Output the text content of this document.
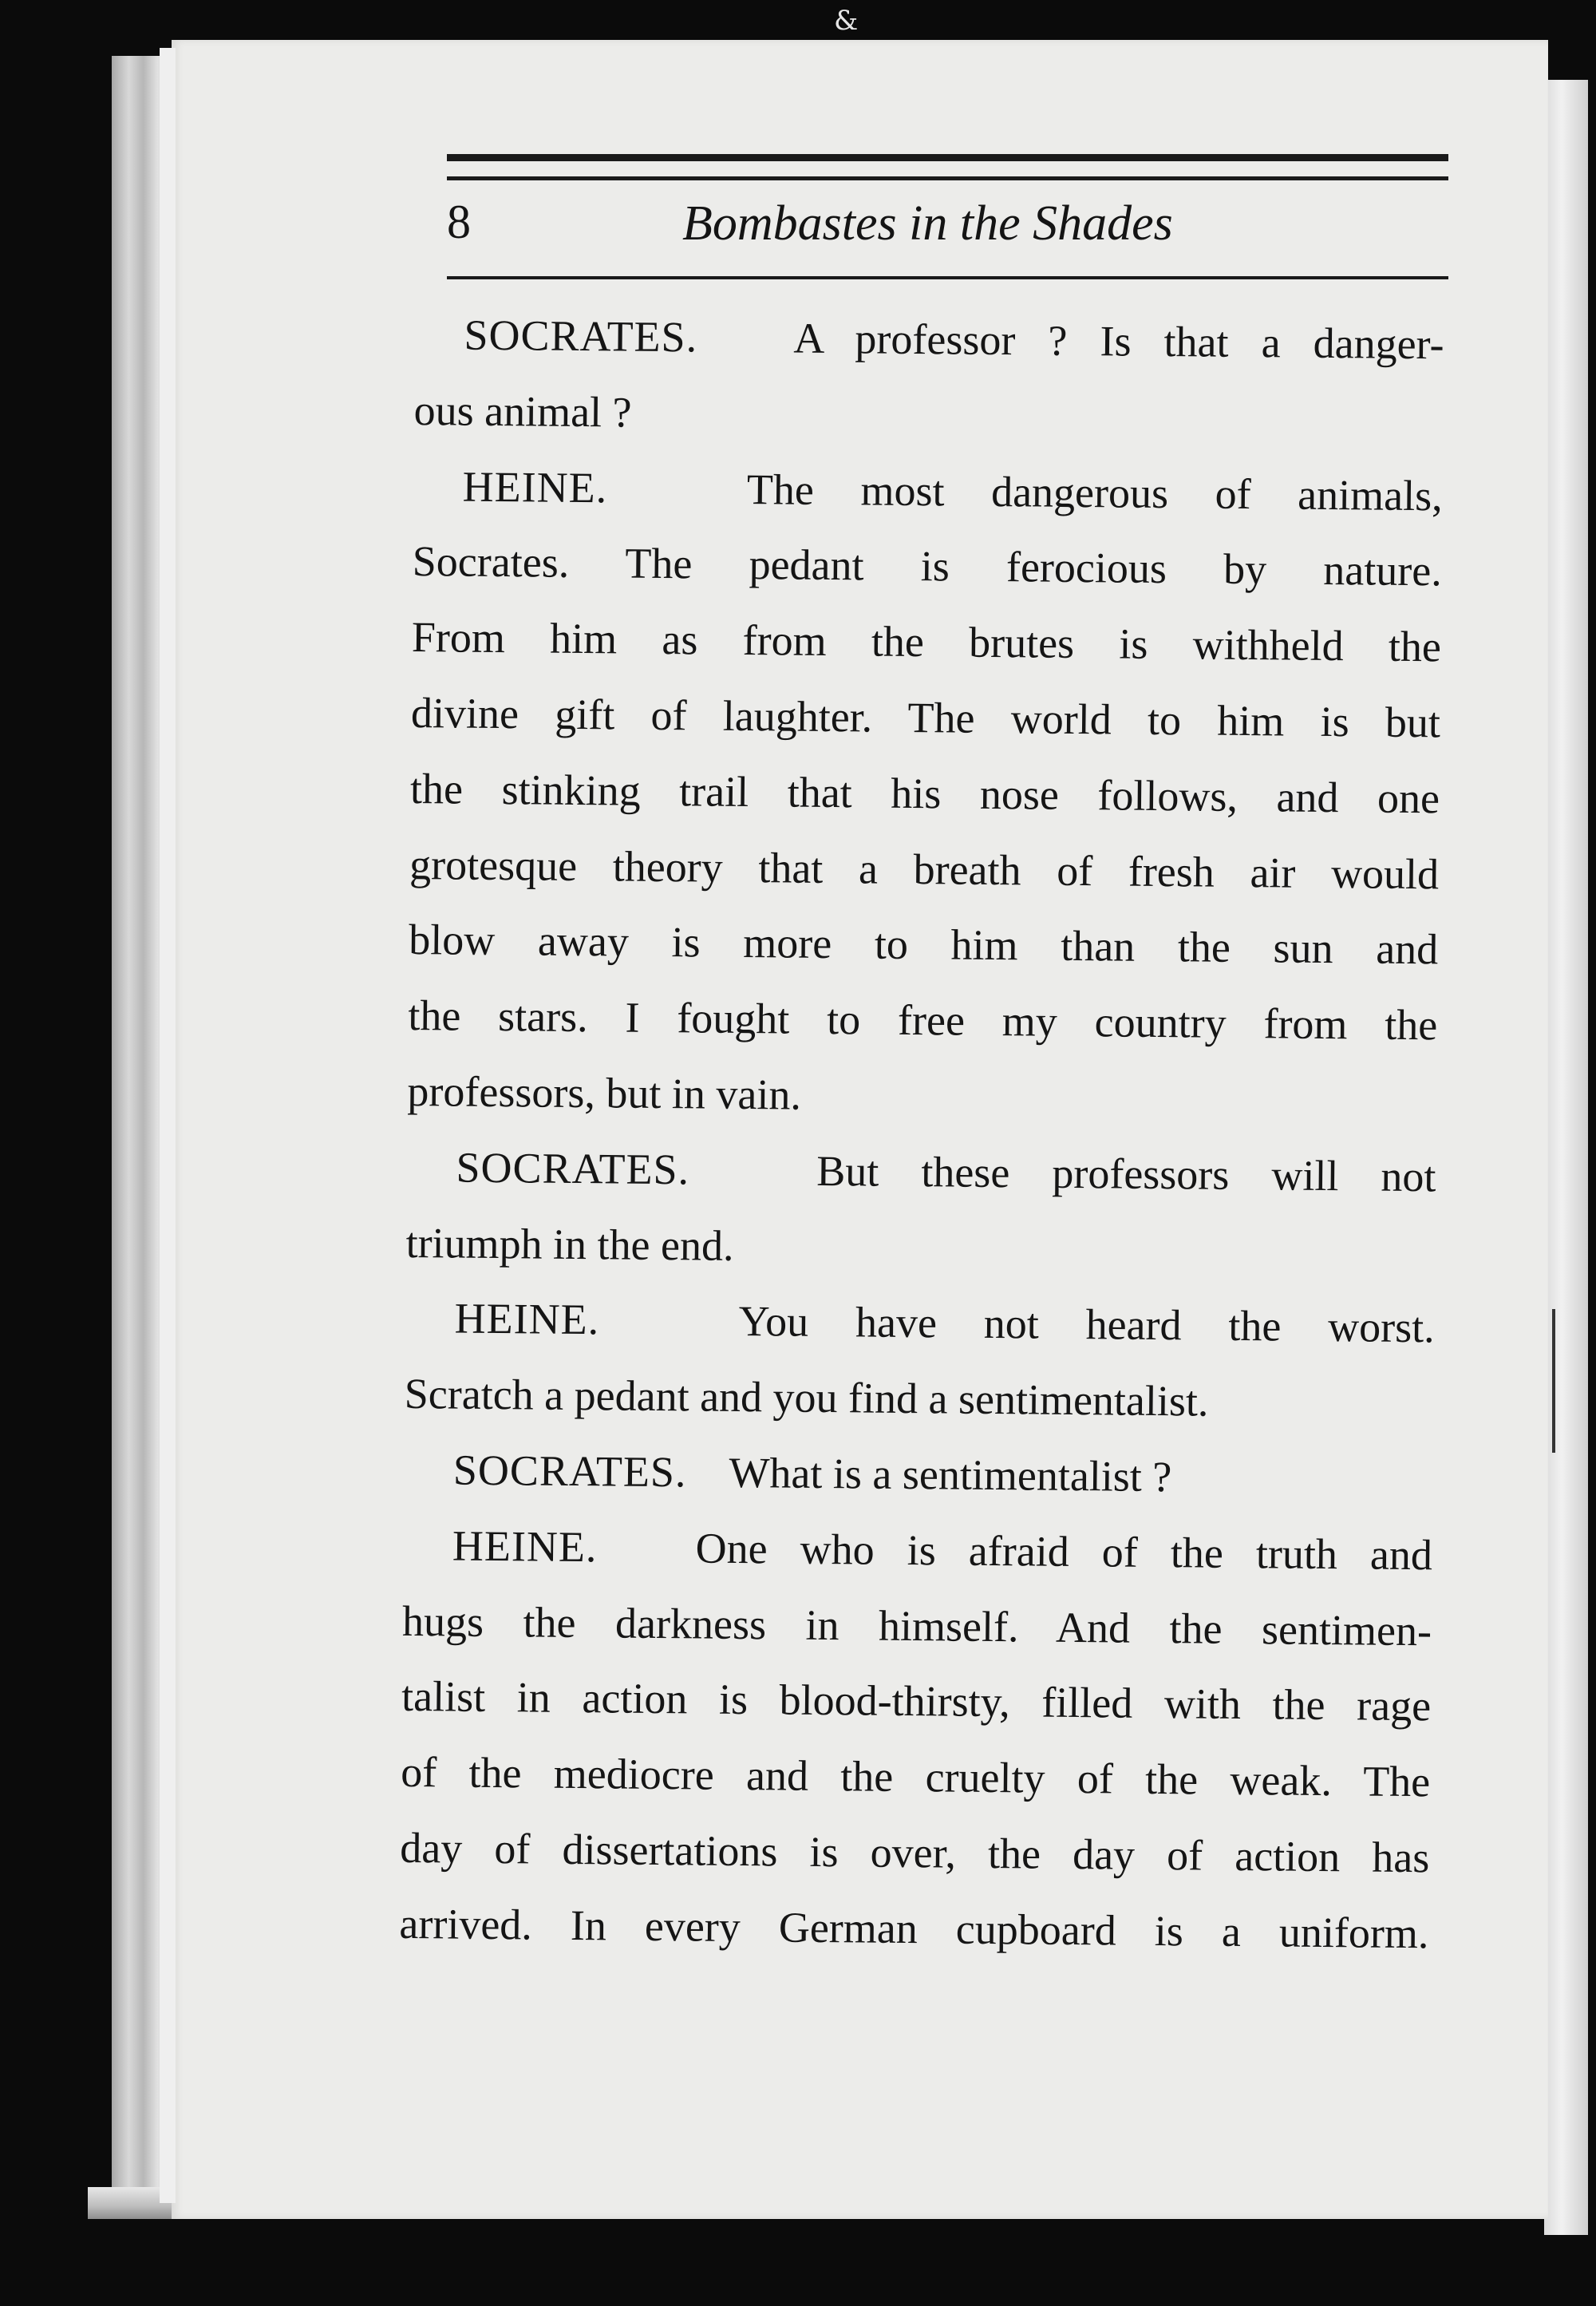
&
8	Bombastes in the Shades
SOCRATES. A professor ? Is that a danger-
ous animal ?
HEINE.	The most dangerous of animals,
Socrates. The pedant is ferocious by nature.
From him as from the brutes is withheld the
divine gift of laughter. The world to him is but
the stinking trail that his nose follows, and one
grotesque theory that a breath of fresh air would
blow away is more to him than the sun and
the stars. I fought to free my country from the
professors, but in vain.
SOCRATES.	But these professors will not
triumph in the end.
HEINE.	You have not heard the worst.
Scratch a pedant and you find a sentimentalist.
SOCRATES. What is a sentimentalist ?
HEINE. One who is afraid of the truth and
hugs the darkness in himself. And the sentimen-
talist in action is blood-thirsty, filled with the rage
of the mediocre and the cruelty of the weak. The
day of dissertations is over, the day of action has
arrived. In every German cupboard is a uniform.
